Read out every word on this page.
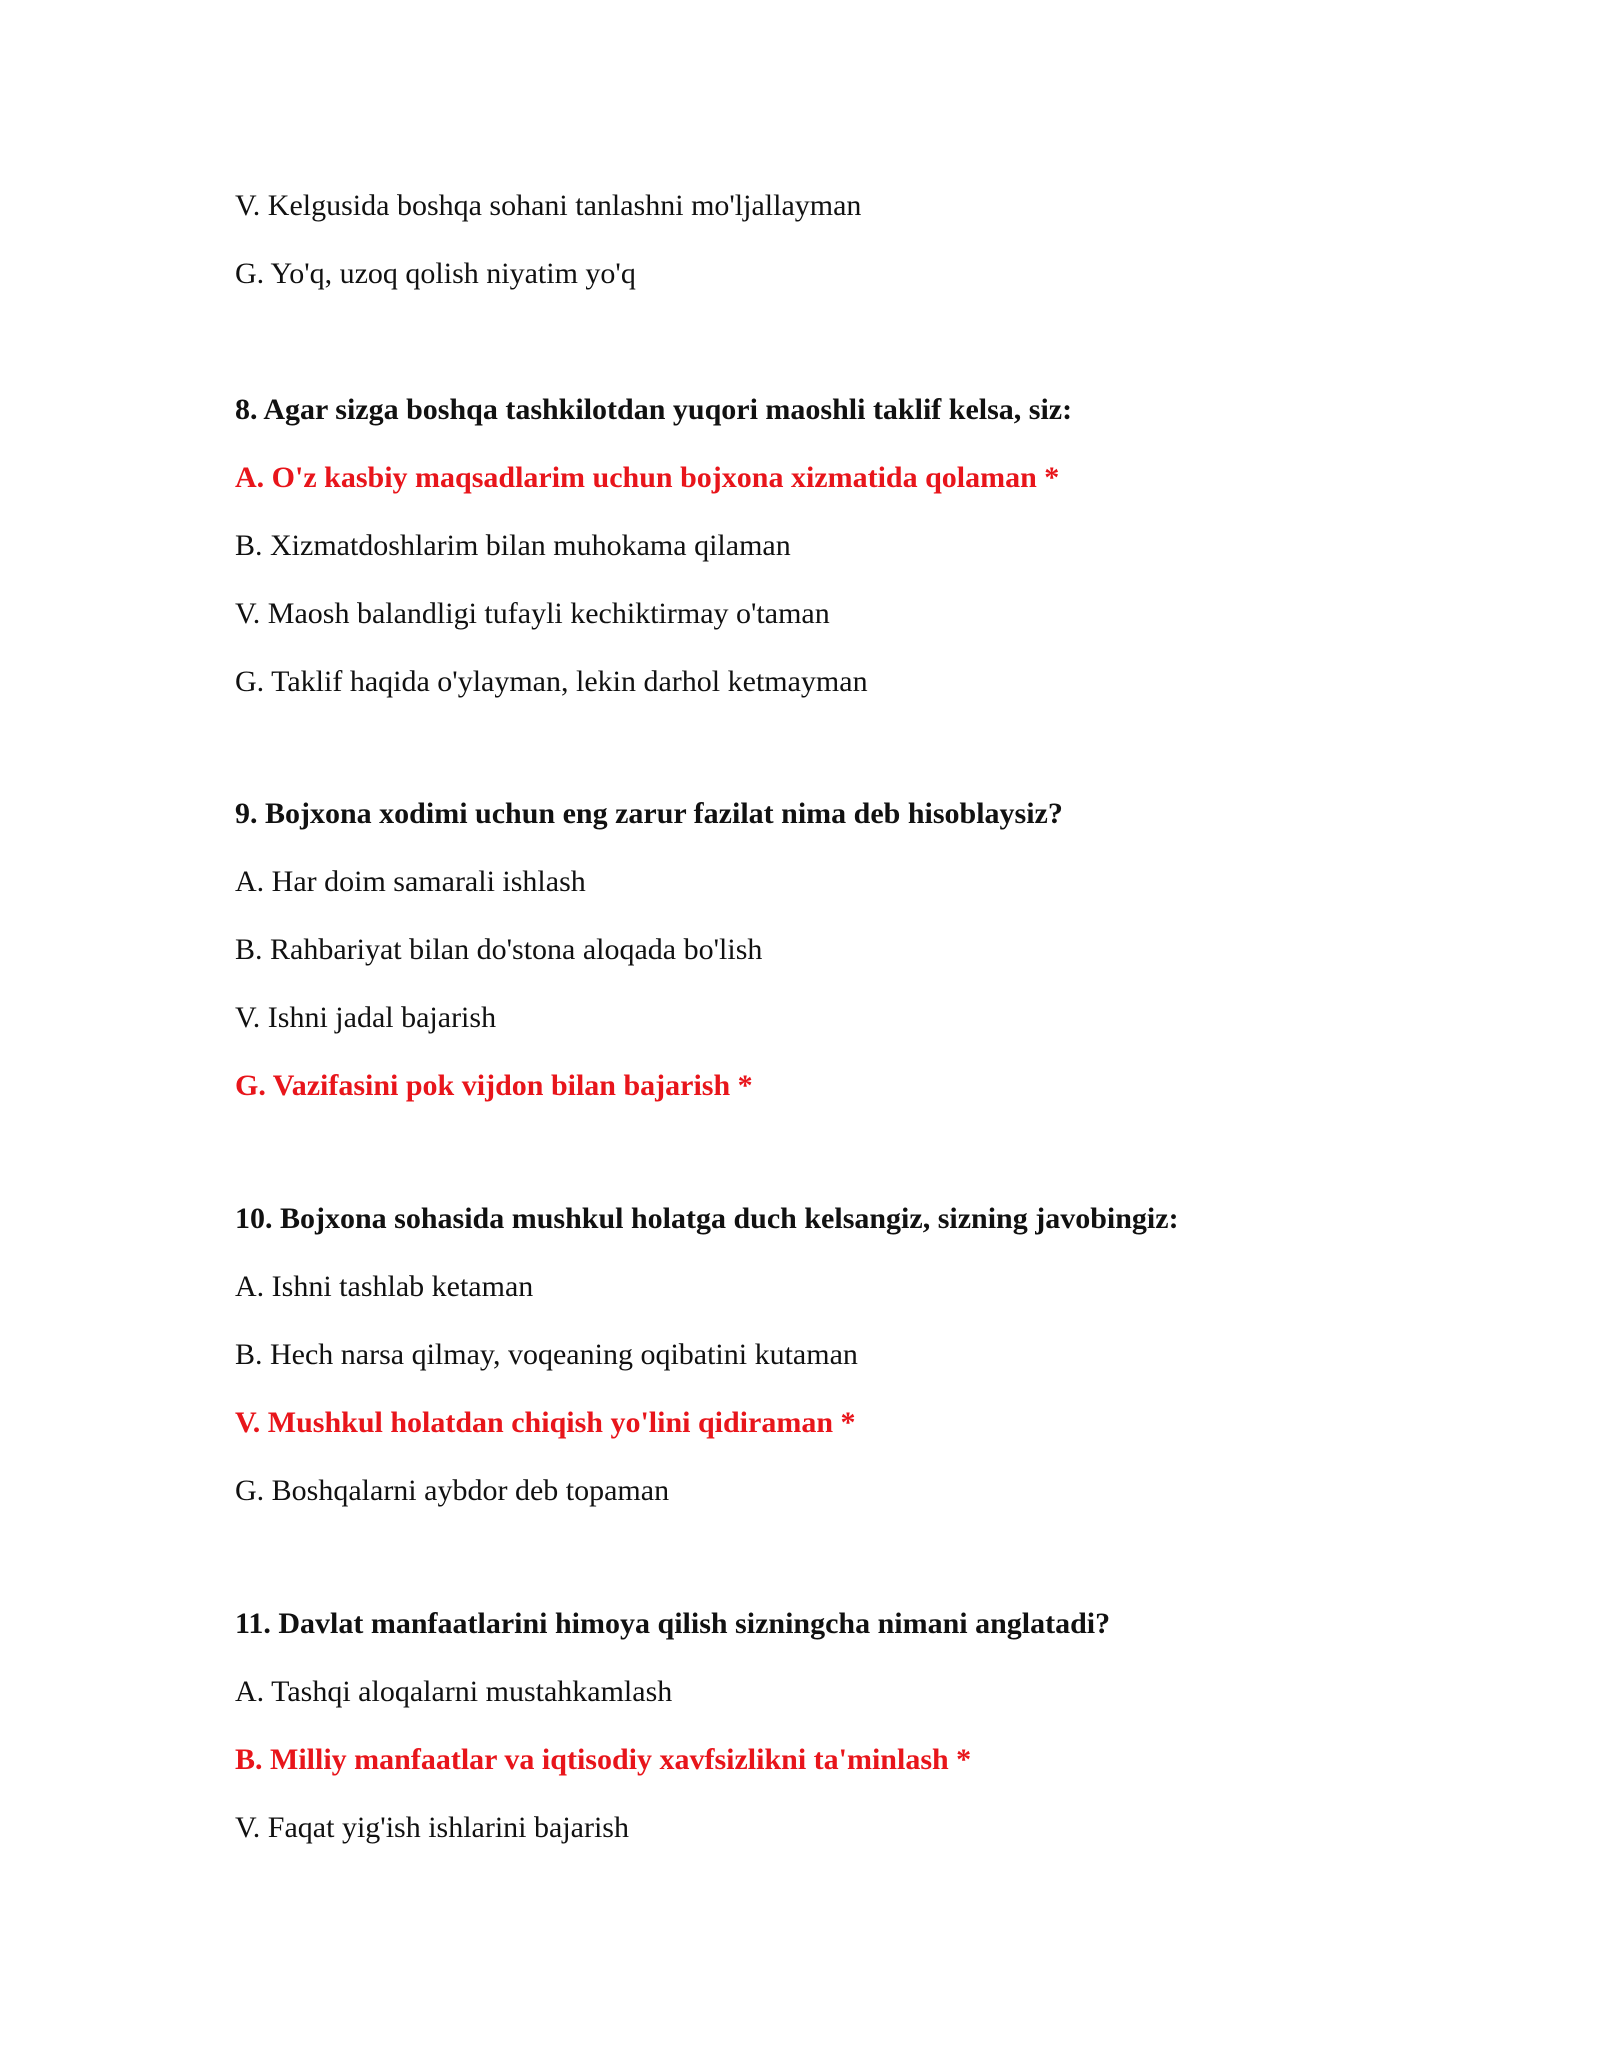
V. Kelgusida boshqa sohani tanlashni mo'ljallayman
G. Yo'q, uzoq qolish niyatim yo'q
8. Agar sizga boshqa tashkilotdan yuqori maoshli taklif kelsa, siz:
A. O'z kasbiy maqsadlarim uchun bojxona xizmatida qolaman *
B. Xizmatdoshlarim bilan muhokama qilaman
V. Maosh balandligi tufayli kechiktirmay o'taman
G. Taklif haqida o'ylayman, lekin darhol ketmayman
9. Bojxona xodimi uchun eng zarur fazilat nima deb hisoblaysiz?
A. Har doim samarali ishlash
B. Rahbariyat bilan do'stona aloqada bo'lish
V. Ishni jadal bajarish
G. Vazifasini pok vijdon bilan bajarish *
10. Bojxona sohasida mushkul holatga duch kelsangiz, sizning javobingiz:
A. Ishni tashlab ketaman
B. Hech narsa qilmay, voqeaning oqibatini kutaman
V. Mushkul holatdan chiqish yo'lini qidiraman *
G. Boshqalarni aybdor deb topaman
11. Davlat manfaatlarini himoya qilish sizningcha nimani anglatadi?
A. Tashqi aloqalarni mustahkamlash
B. Milliy manfaatlar va iqtisodiy xavfsizlikni ta'minlash *
V. Faqat yig'ish ishlarini bajarish
